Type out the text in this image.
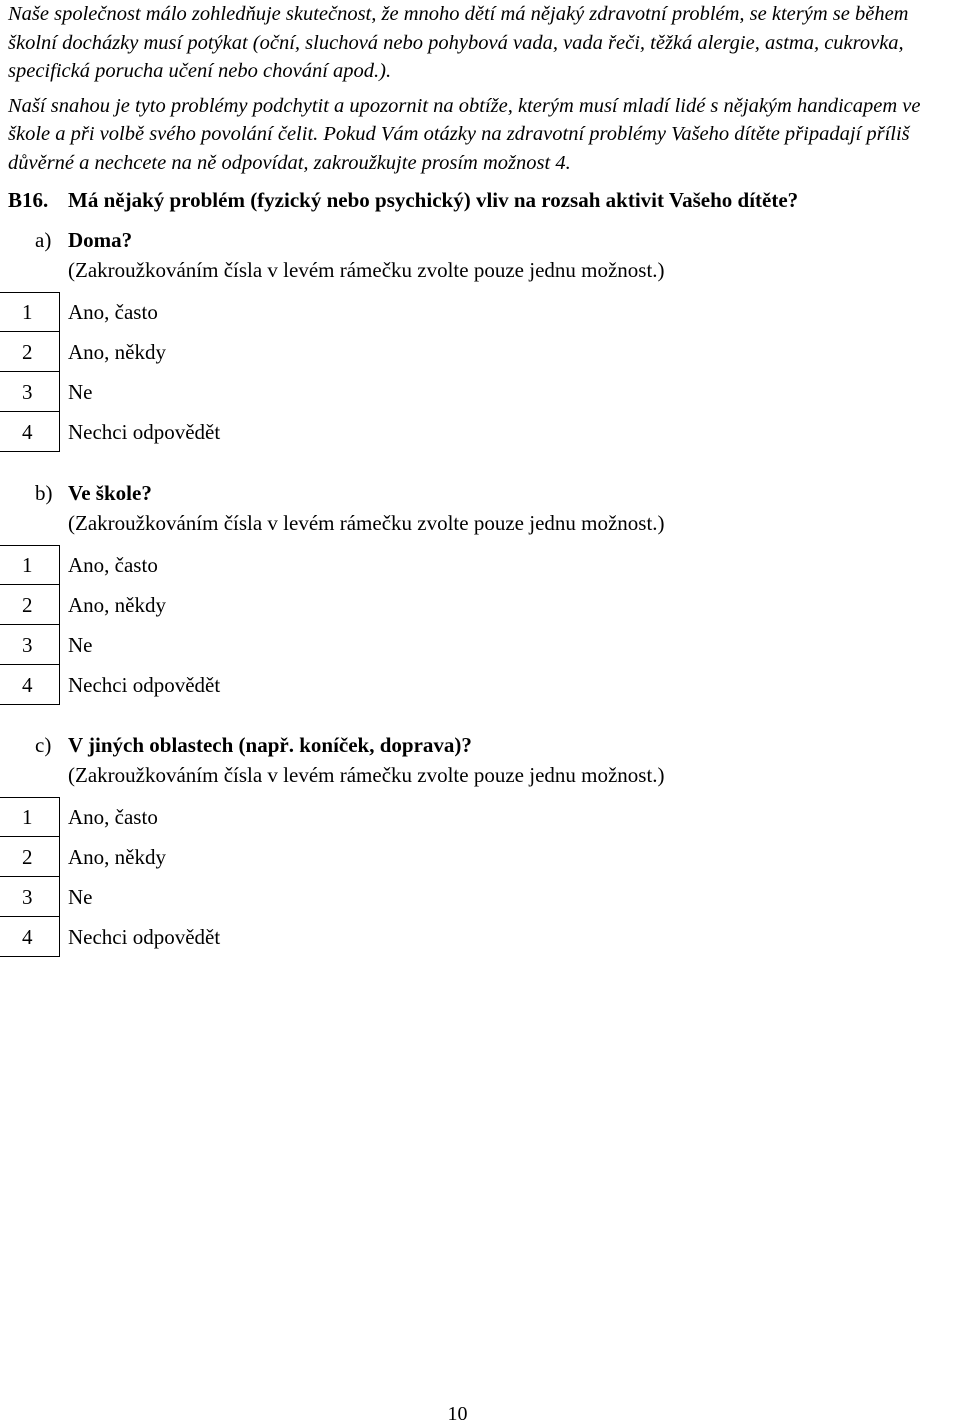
Naše společnost málo zohledňuje skutečnost, že mnoho dětí má nějaký zdravotní problém, se kterým se během školní docházky musí potýkat (oční, sluchová nebo pohybová vada, vada řeči, těžká alergie, astma, cukrovka, specifická porucha učení nebo chování apod.).

Naší snahou je tyto problémy podchytit a upozornit na obtíže, kterým musí mladí lidé s nějakým handicapem ve škole a při volbě svého povolání čelit. Pokud Vám otázky na zdravotní problémy Vašeho dítěte připadají příliš důvěrné a nechcete na ně odpovídat, zakroužkujte prosím možnost 4.

B16. Má nějaký problém (fyzický nebo psychický) vliv na rozsah aktivit Vašeho dítěte?
a) Doma?
(Zakroužkováním čísla v levém rámečku zvolte pouze jednu možnost.)
1 Ano, často
2 Ano, někdy
3 Ne
4 Nechci odpovědět
b) Ve škole?
(Zakroužkováním čísla v levém rámečku zvolte pouze jednu možnost.)
1 Ano, často
2 Ano, někdy
3 Ne
4 Nechci odpovědět
c) V jiných oblastech (např. koníček, doprava)?
(Zakroužkováním čísla v levém rámečku zvolte pouze jednu možnost.)
1 Ano, často
2 Ano, někdy
3 Ne
4 Nechci odpovědět
10
